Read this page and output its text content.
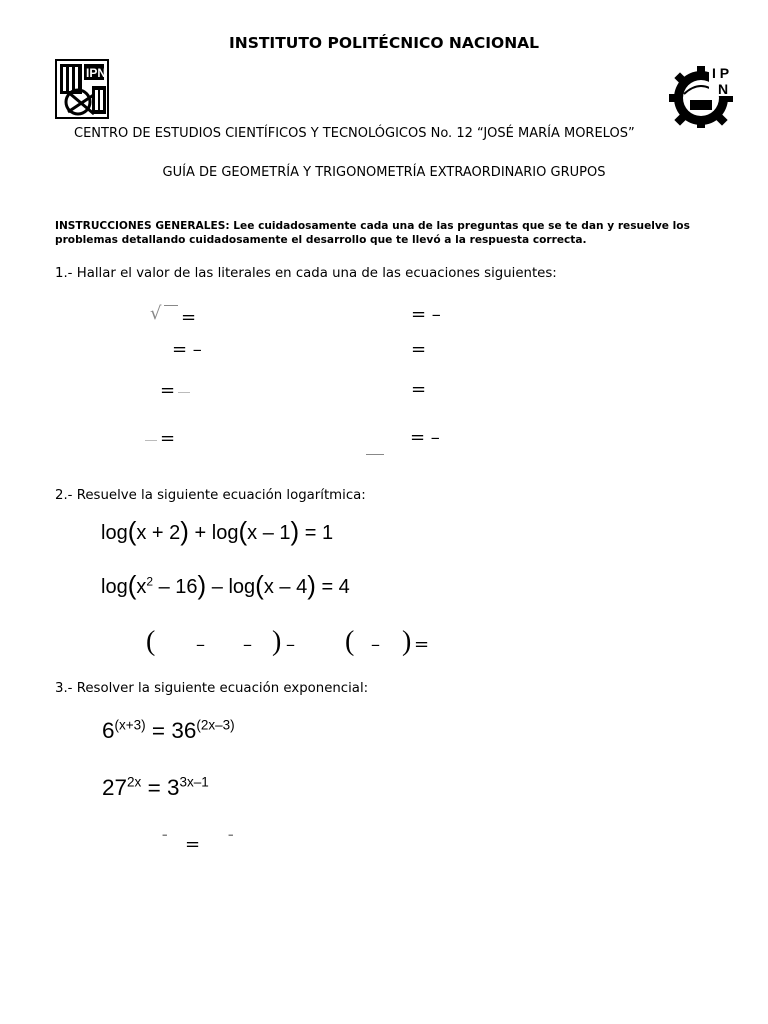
INSTITUTO POLITÉCNICO NACIONAL
IPN	I P
N
CENTRO DE ESTUDIOS CIENTÍFICOS Y TECNOLÓGICOS No. 12 “JOSÉ MARÍA MORELOS”
GUÍA DE GEOMETRÍA Y TRIGONOMETRÍA EXTRAORDINARIO GRUPOS
INSTRUCCIONES GENERALES: Lee cuidadosamente cada una de las preguntas que se te dan y resuelve los problemas detallando cuidadosamente el desarrollo que te llevó a la respuesta correcta.
1.- Hallar el valor de las literales en cada una de las ecuaciones siguientes:
√ =	= –
= –	=
=	=
=	= –
2.- Resuelve la siguiente ecuación logarítmica:
log(x + 2) + log(x – 1) = 1
$\log(x^2 - 16) - \log(x - 4) = 4$
( – – ) – ( – ) =
3.- Resolver la siguiente ecuación exponencial:
$6^{(x+3)} = 36^{(2x-3)}$
$27^{2x} = 3^{3x-1}$
– =	–
